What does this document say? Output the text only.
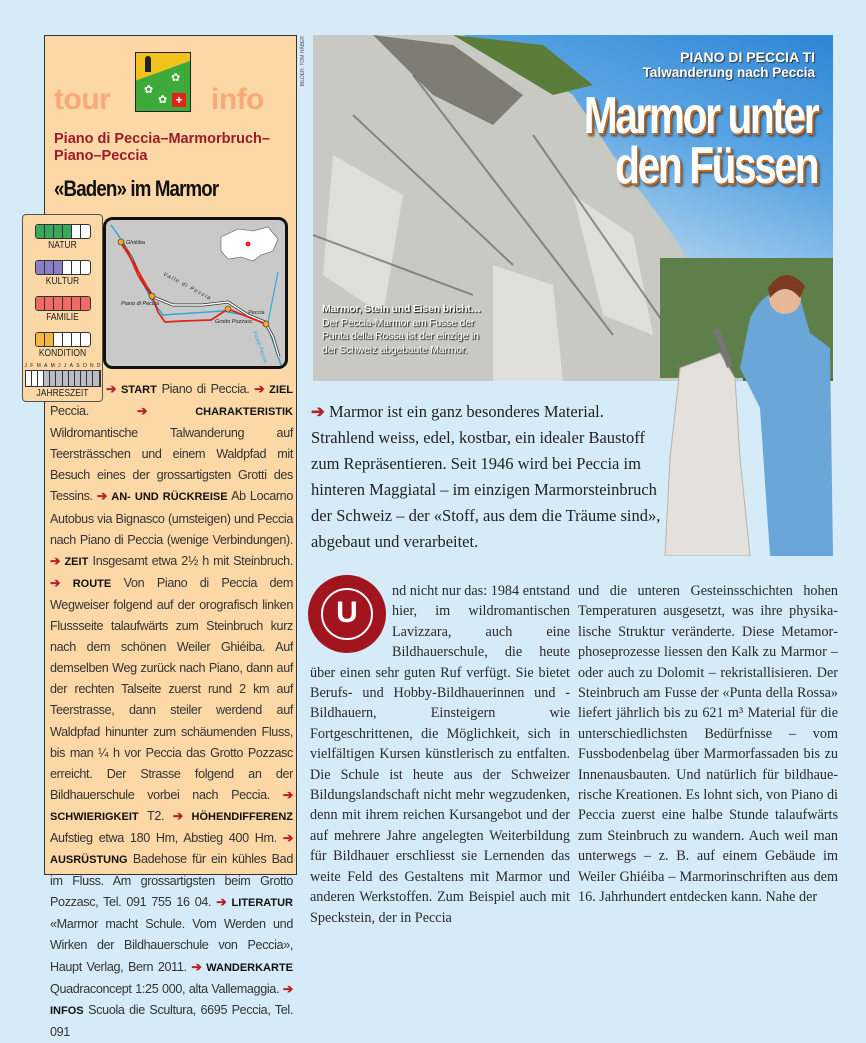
tour	✿
✿
✿
+ info
Piano di Peccia–Marmorbruch–Piano–Peccia
«Baden» im Marmor
NATUR
KULTUR
FAMILIE
KONDITION
J F M A M J J A S O N D
JAHRESZEIT
Ghiéiba
Valle di Peccia
Piano di Peccia
Grotto Pozzasc
Peccia
Fiume Peccia
➔ START Piano di Peccia. ➔ ZIEL Peccia.	➔ CHARAKTERISTIK Wildromantische Talwanderung auf Teersträsschen und einem Waldpfad mit Besuch eines der grossartigsten Grotti des Tessins. ➔ AN- UND RÜCKREISE Ab Locarno Autobus via Bignasco (umsteigen) und Peccia nach Piano di Peccia (wenige Verbindungen). ➔ ZEIT Insgesamt etwa 2½ h mit Steinbruch. ➔ ROUTE Von Piano di Peccia dem Wegweiser folgend auf der orografisch linken Flussseite talaufwärts zum Steinbruch kurz nach dem schönen Weiler Ghiéiba. Auf demselben Weg zurück nach Piano, dann auf der rechten Talseite zuerst rund 2 km auf Teerstrasse, dann steiler werdend auf Waldpfad hinunter zum schäumenden Fluss, bis man ¼ h vor Peccia das Grotto Pozzasc erreicht. Der Strasse folgend an der Bildhauerschule vorbei nach Peccia. ➔ SCHWIERIGKEIT T2. ➔ HÖHENDIFFERENZ Aufstieg etwa 180 Hm, Abstieg 400 Hm. ➔ AUSRÜSTUNG Badehose für ein kühles Bad im Fluss. Am grossartigsten beim Grotto Pozzasc, Tel. 091 755 16 04. ➔ LITERATUR «Marmor macht Schule. Vom Werden und Wirken der Bildhauerschule von Peccia», Haupt Verlag, Bern 2011. ➔ WANDERKARTE Quadraconcept 1:25 000, alta Vallemaggia. ➔ INFOS Scuola die Scultura, 6695 Peccia, Tel. 091
BILDER: TOM HÄBER	PIANO DI PECCIA TI
Talwanderung nach Peccia
Marmor unter
den Füssen
Marmor, Stein und Eisen bricht… Der Peccia-Marmor am Fusse der Punta della Rossa ist der einzige in der Schweiz abgebaute Marmor.
➔ Marmor ist ein ganz besonderes Material. Strahlend weiss, edel, kostbar, ein idealer Baustoff zum Repräsentieren. Seit 1946 wird bei Peccia im hinteren Maggiatal – im einzigen Marmorsteinbruch der Schweiz – der «Stoff, aus dem die Träume sind», abgebaut und verarbeitet.
U
nd nicht nur das: 1984 entstand hier, im wildromantischen Lavizzara, auch eine Bildhauerschule, die heute über einen sehr guten Ruf verfügt. Sie bietet Berufs- und Hobby-Bildhauerinnen und -Bildhauern, Einsteigern wie Fortgeschrittenen, die Möglichkeit, sich in vielfältigen Kursen künstlerisch zu entfalten. Die Schule ist heute aus der Schweizer Bildungslandschaft nicht mehr wegzudenken, denn mit ihrem reichen Kursangebot und der auf mehrere Jahre angelegten Weiterbildung für Bildhauer erschliesst sie Lernenden das weite Feld des Gestaltens mit Marmor und anderen Werkstoffen. Zum Beispiel auch mit Speckstein, der in Peccia
und die unteren Gesteinsschichten hohen Temperaturen ausgesetzt, was ihre physikalische Struktur veränderte. Diese Metamorphoseprozesse liessen den Kalk zu Marmor – oder auch zu Dolomit – rekristallisieren. Der Steinbruch am Fusse der «Punta della Rossa» liefert jährlich bis zu 621 m³ Material für die unterschiedlichsten Bedürfnisse – vom Fussbodenbelag über Marmorfassaden bis zu Innenausbauten. Und natürlich für bildhauerische Kreationen. Es lohnt sich, von Piano di Peccia zuerst eine halbe Stunde talaufwärts zum Steinbruch zu wandern. Auch weil man unterwegs – z. B. auf einem Gebäude im Weiler Ghiéiba – Marmorinschriften aus dem 16. Jahrhundert entdecken kann. Nahe der
